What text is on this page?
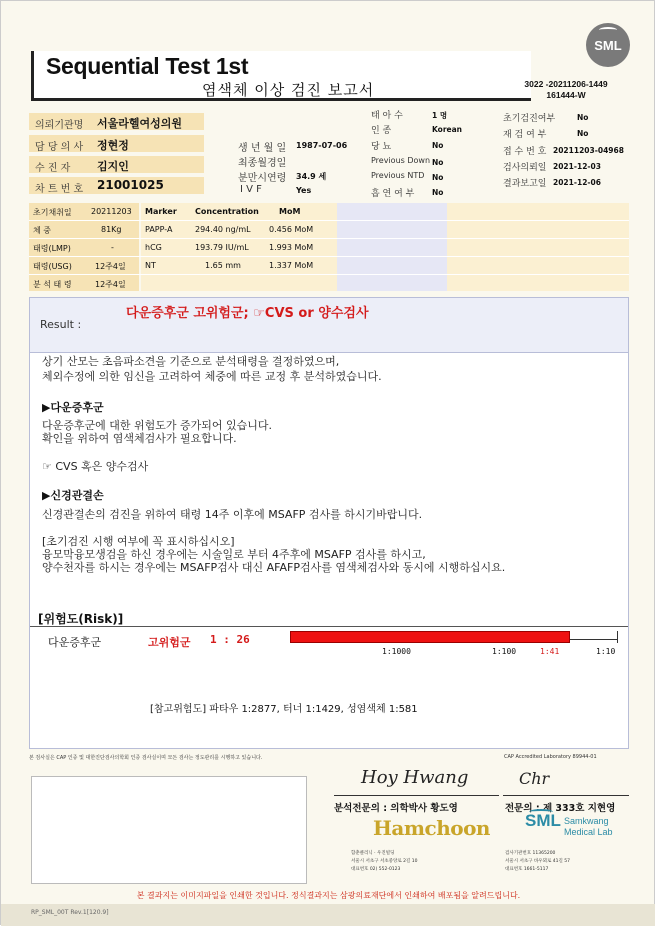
Sequential Test 1st
염색체 이상 검진 보고서
SML
3022 -20211206-1449
161444-W
의뢰기관명 서울라헬여성의원
담 당 의 사 정현정
수 진 자 김지인
차 트 번 호 21001025
생 년 월 일 1987-07-06
최종월경일
분만시연령 34.9 세
I V F	Yes
태 아 수	1 명
인 종	Korean
당 뇨	No
Previous Down No
Previous NTD No
흡 연 여 부 No
초기검진여부	No
재 검 여 부	No
접 수 번 호 20211203-04968
검사의뢰일 2021-12-03
결과보고일 2021-12-06
초기채취일 20211203
체 중	81Kg
태령(LMP)	-
태령(USG)	12주4일
분 석 태 령	12주4일
Marker Concentration	MoM
PAPP-A	294.40 ng/mL 0.456 MoM
hCG	193.79 IU/mL	1.993 MoM
NT	1.65 mm	1.337 MoM
Result :
다운증후군 고위험군; ☞CVS or 양수검사
상기 산모는 초음파소견을 기준으로 분석태령을 결정하였으며,
체외수정에 의한 임신을 고려하여 체중에 따른 교정 후 분석하였습니다.
▶다운증후군
다운증후군에 대한 위험도가 증가되어 있습니다.
확인을 위하여 염색체검사가 필요합니다.
☞ CVS 혹은 양수검사
▶신경관결손
신경관결손의 검진을 위하여 태령 14주 이후에 MSAFP 검사를 하시기바랍니다.
[초기검진 시행 여부에 꼭 표시하십시오]
융모막융모생검을 하신 경우에는 시술일로 부터 4주후에 MSAFP 검사를 하시고,
양수천자를 하시는 경우에는 MSAFP검사 대신 AFAFP검사를 염색체검사와 동시에 시행하십시요.
[위험도(Risk)]
다운증후군	고위험군 1 : 26
1:1000	1:100	1:41	1:10
[참고위험도] 파타우 1:2877, 터너 1:1429, 성염색체 1:581
본 검사실은 CAP 인증 및 대한진단검사의학회 인증 검사실이며 모든 검사는 정도관리를 시행하고 있습니다.	CAP Accredited Laboratory 89944-01
Hoy Hwang
분석전문의 : 의학박사 황도영
Chr
전문의 : 제 333호 지현영
Hamchoon SML Samkwang
Medical Lab
함춘클리닉 · 우진빌딩
서울시 서초구 서초중앙로 2길 10
대표번호 02) 552-0123
검사기관번호 11365200
서울시 서초구 바우뫼로 41길 57
대표번호 1661-5117
본 결과지는 이미지파일을 인쇄한 것입니다. 정식결과지는 삼광의료재단에서 인쇄하여 배포됨을 알려드립니다.
RP_SML_00T Rev.1[120.9]
